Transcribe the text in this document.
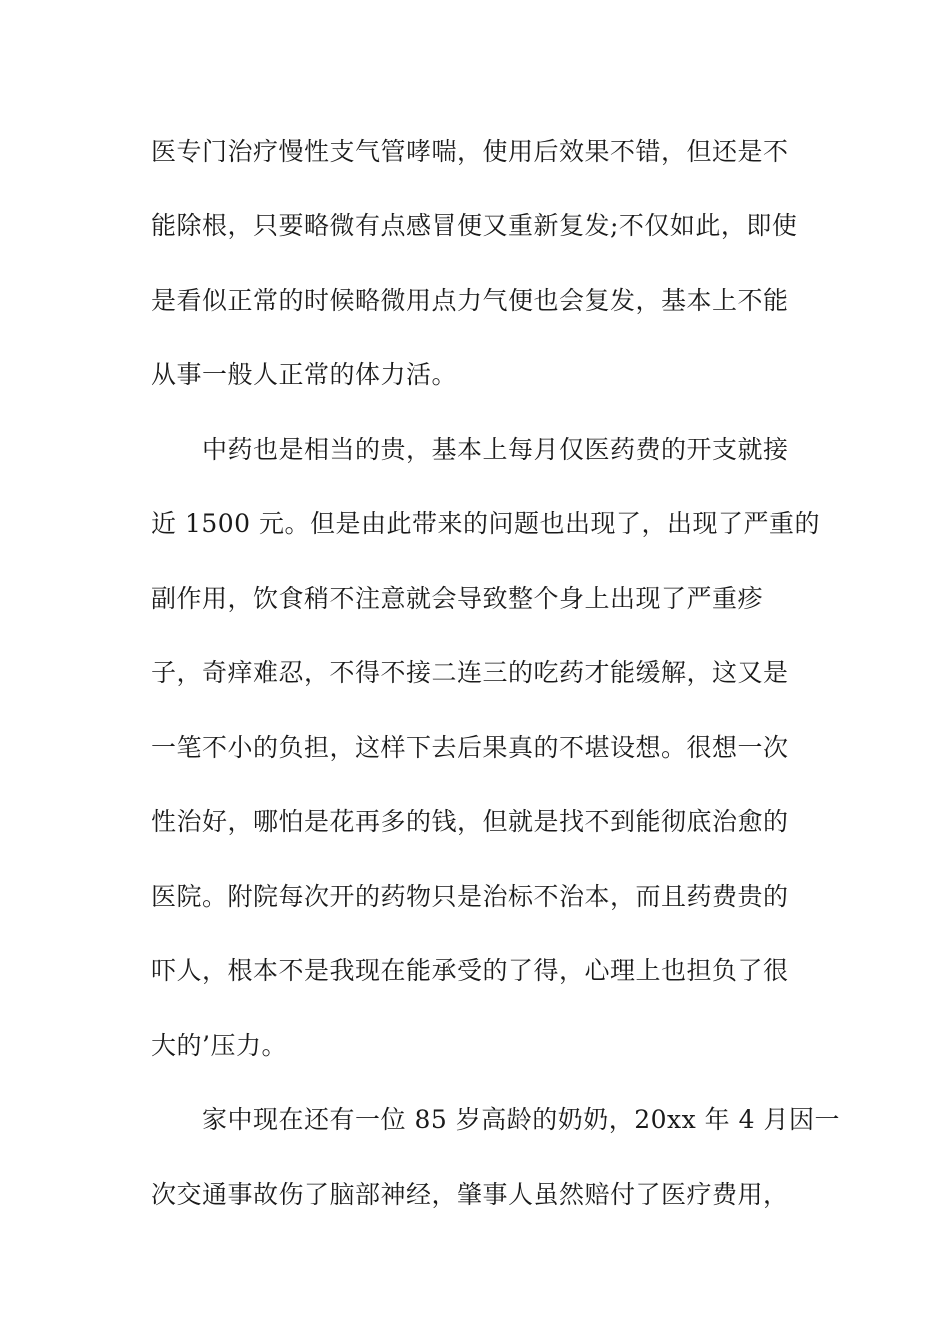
医专门治疗慢性支气管哮喘，使用后效果不错，但还是不
能除根，只要略微有点感冒便又重新复发;不仅如此，即使
是看似正常的时候略微用点力气便也会复发，基本上不能
从事一般人正常的体力活。
中药也是相当的贵，基本上每月仅医药费的开支就接
近 1500 元。但是由此带来的问题也出现了，出现了严重的
副作用，饮食稍不注意就会导致整个身上出现了严重疹
子，奇痒难忍，不得不接二连三的吃药才能缓解，这又是
一笔不小的负担，这样下去后果真的不堪设想。很想一次
性治好，哪怕是花再多的钱，但就是找不到能彻底治愈的
医院。附院每次开的药物只是治标不治本，而且药费贵的
吓人，根本不是我现在能承受的了得，心理上也担负了很
大的’压力。
家中现在还有一位 85 岁高龄的奶奶，20xx 年 4 月因一
次交通事故伤了脑部神经，肇事人虽然赔付了医疗费用，
